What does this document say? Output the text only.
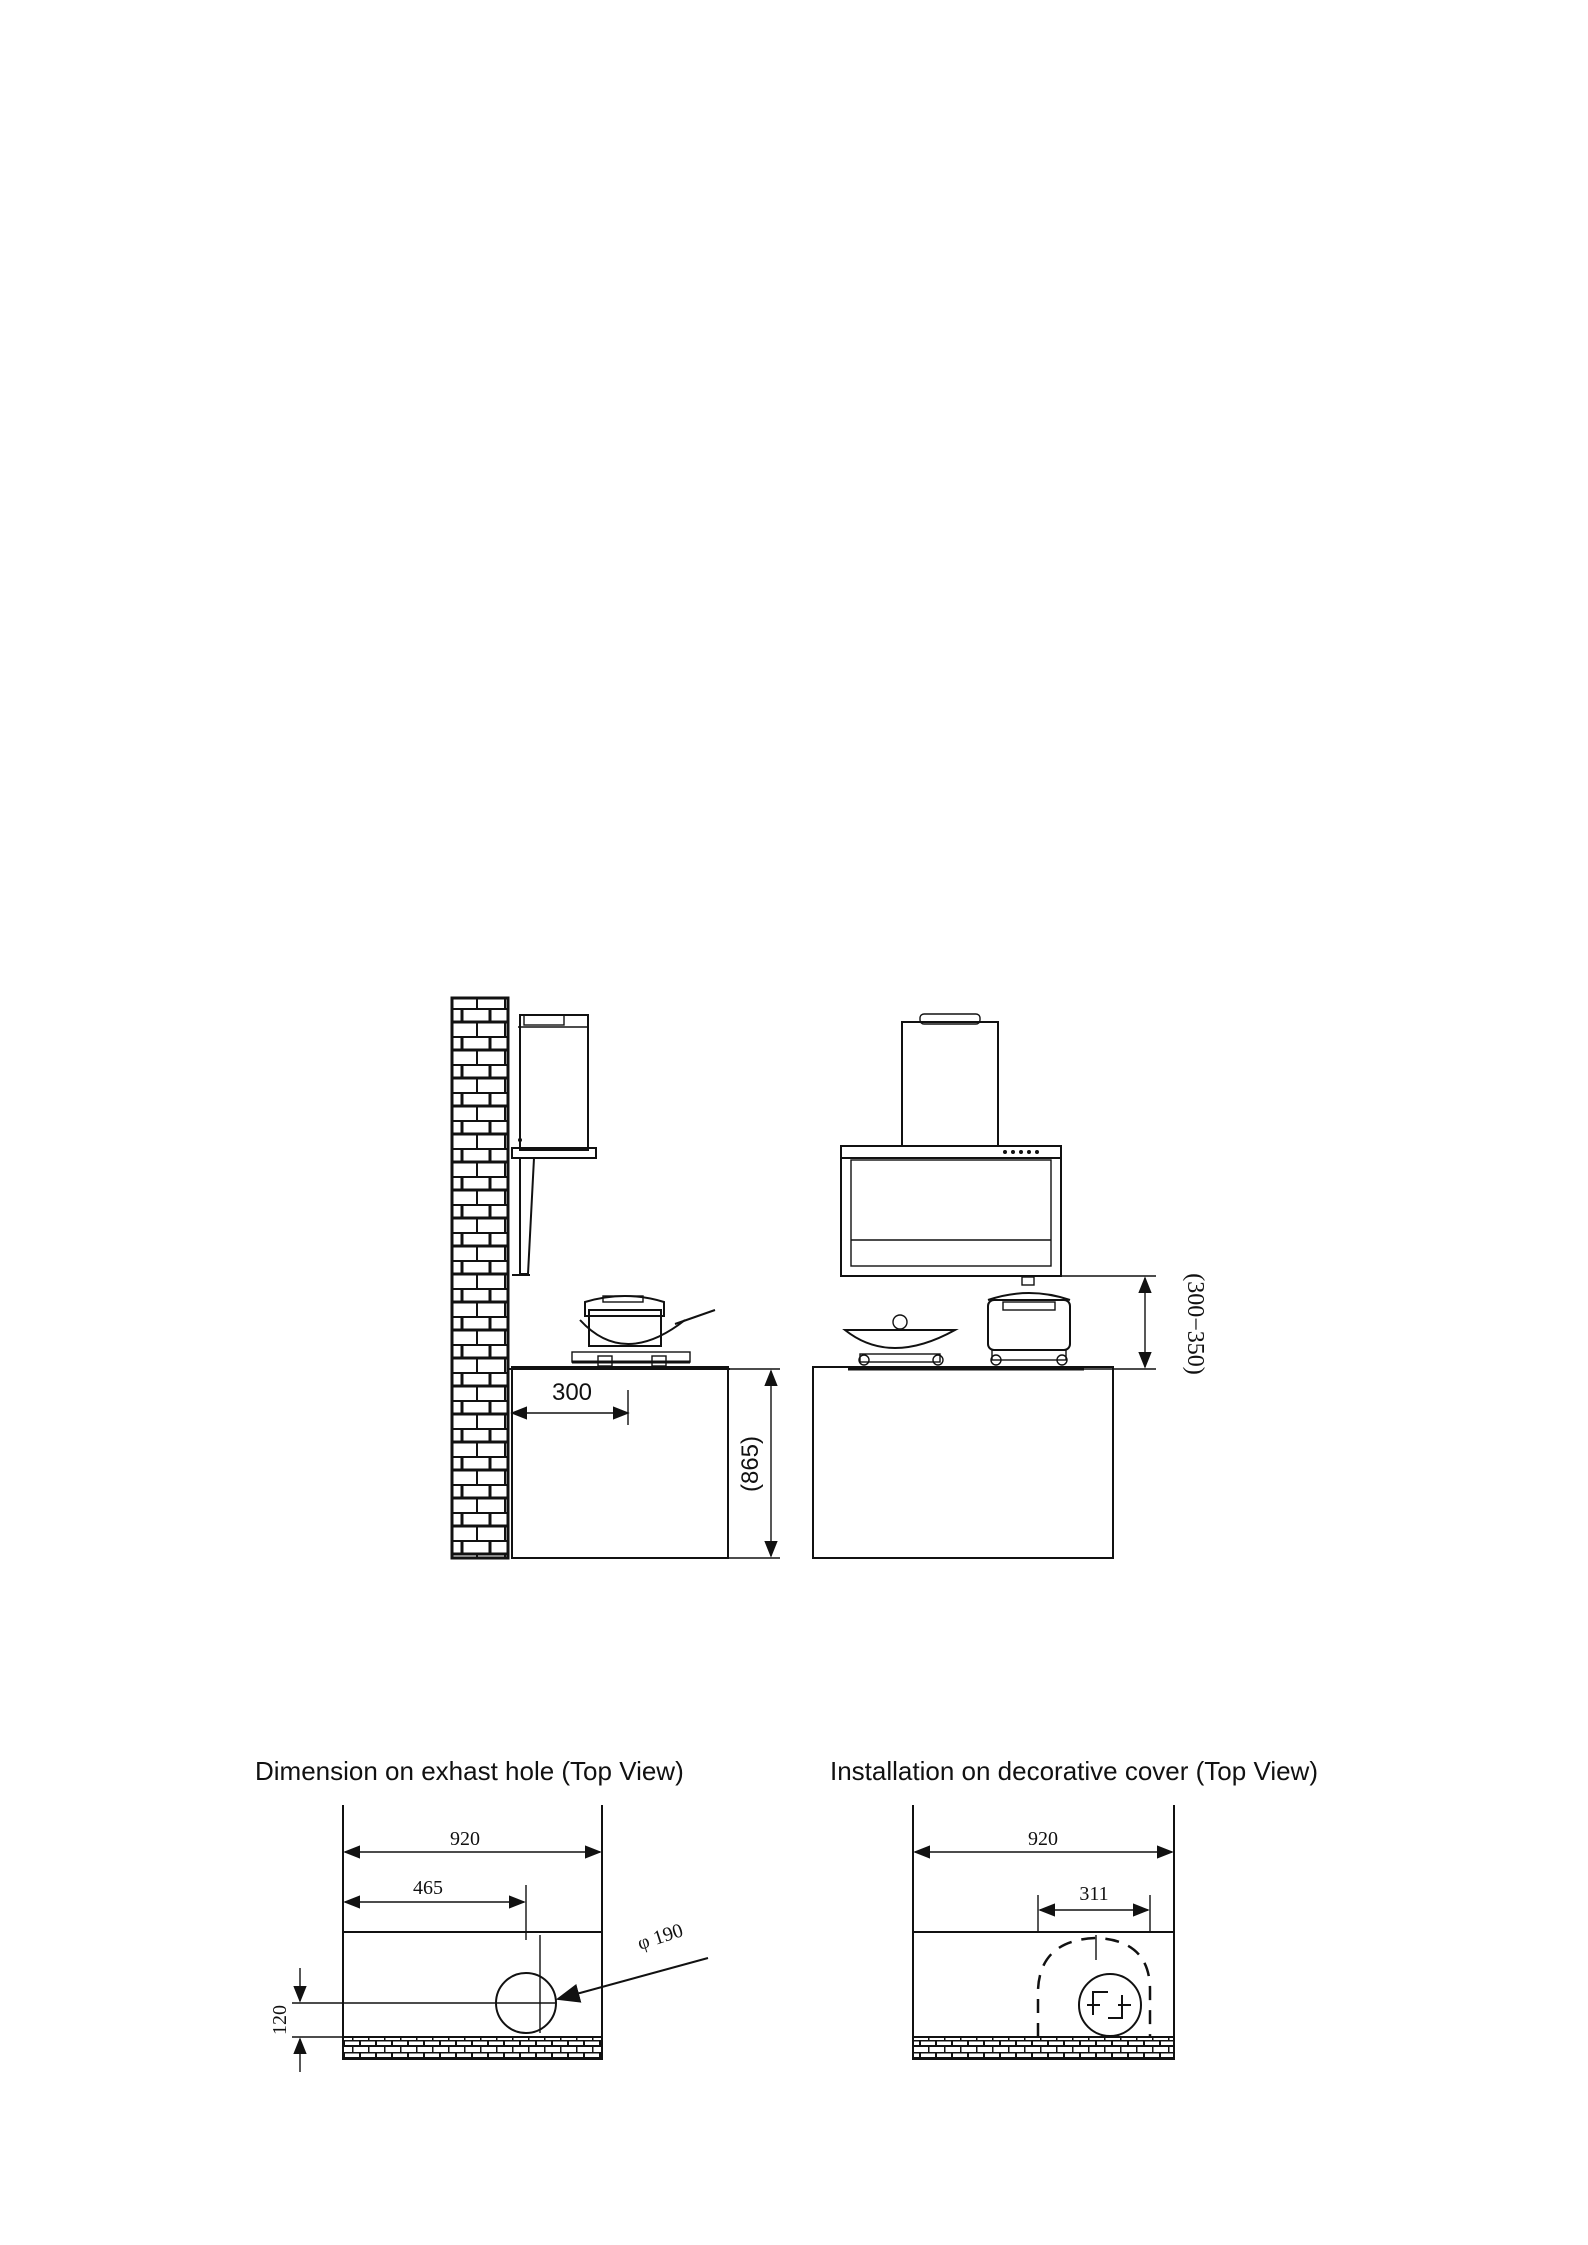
300
(865)
(300−350)
Dimension on exhast hole (Top View)
920
465
φ 190
120
Installation on decorative cover (Top View)
920
311
